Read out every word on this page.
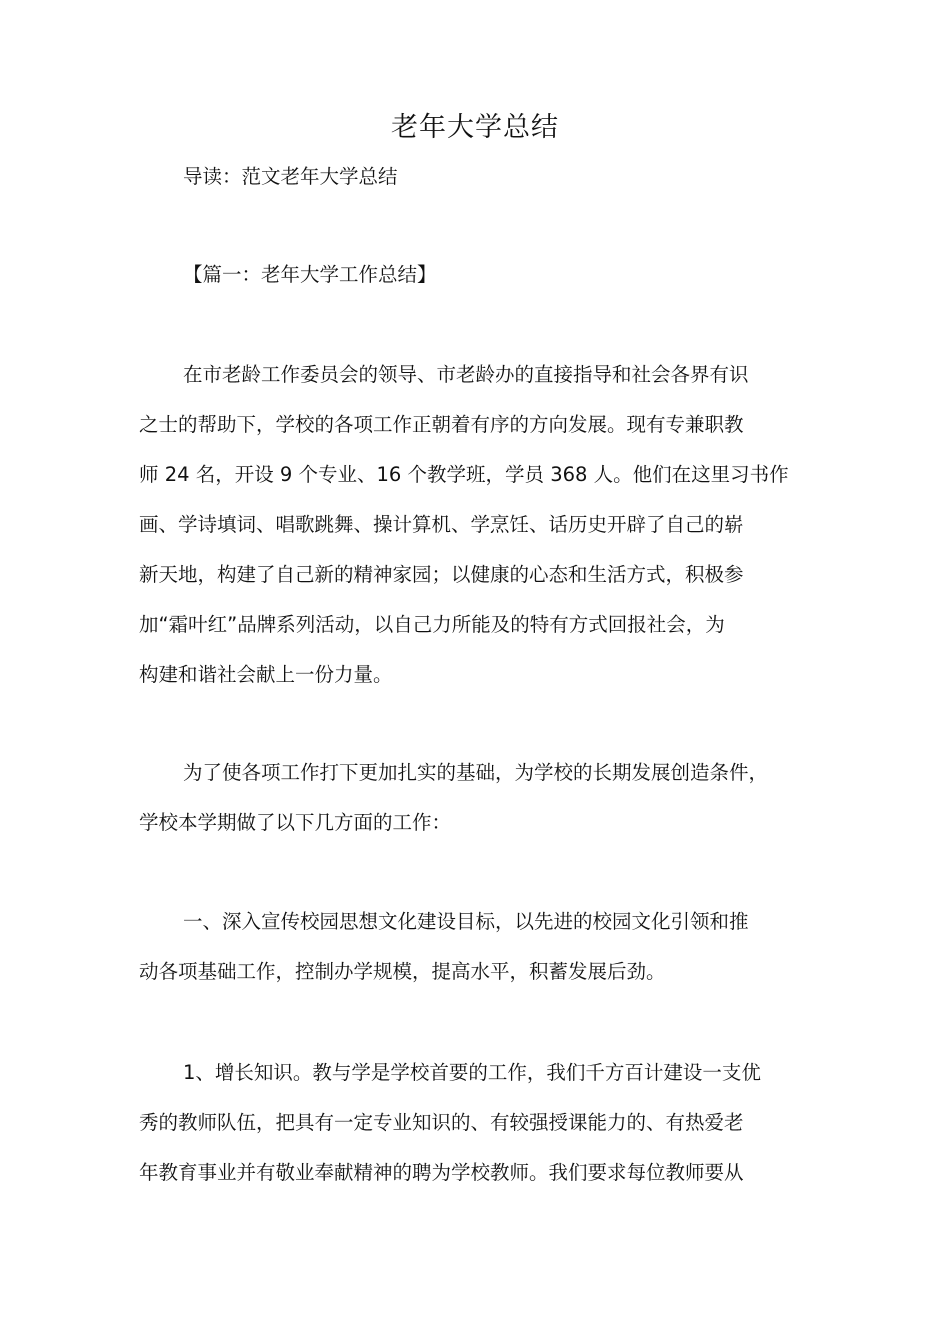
老年大学总结
导读：范文老年大学总结
【篇一：老年大学工作总结】
在市老龄工作委员会的领导、市老龄办的直接指导和社会各界有识
之士的帮助下，学校的各项工作正朝着有序的方向发展。现有专兼职教
师 24 名，开设 9 个专业、16 个教学班，学员 368 人。他们在这里习书作
画、学诗填词、唱歌跳舞、操计算机、学烹饪、话历史开辟了自己的崭
新天地，构建了自己新的精神家园；以健康的心态和生活方式，积极参
加“霜叶红”品牌系列活动，以自己力所能及的特有方式回报社会，为
构建和谐社会献上一份力量。
为了使各项工作打下更加扎实的基础，为学校的长期发展创造条件，
学校本学期做了以下几方面的工作：
一、深入宣传校园思想文化建设目标，以先进的校园文化引领和推
动各项基础工作，控制办学规模，提高水平，积蓄发展后劲。
1、增长知识。教与学是学校首要的工作，我们千方百计建设一支优
秀的教师队伍，把具有一定专业知识的、有较强授课能力的、有热爱老
年教育事业并有敬业奉献精神的聘为学校教师。我们要求每位教师要从
